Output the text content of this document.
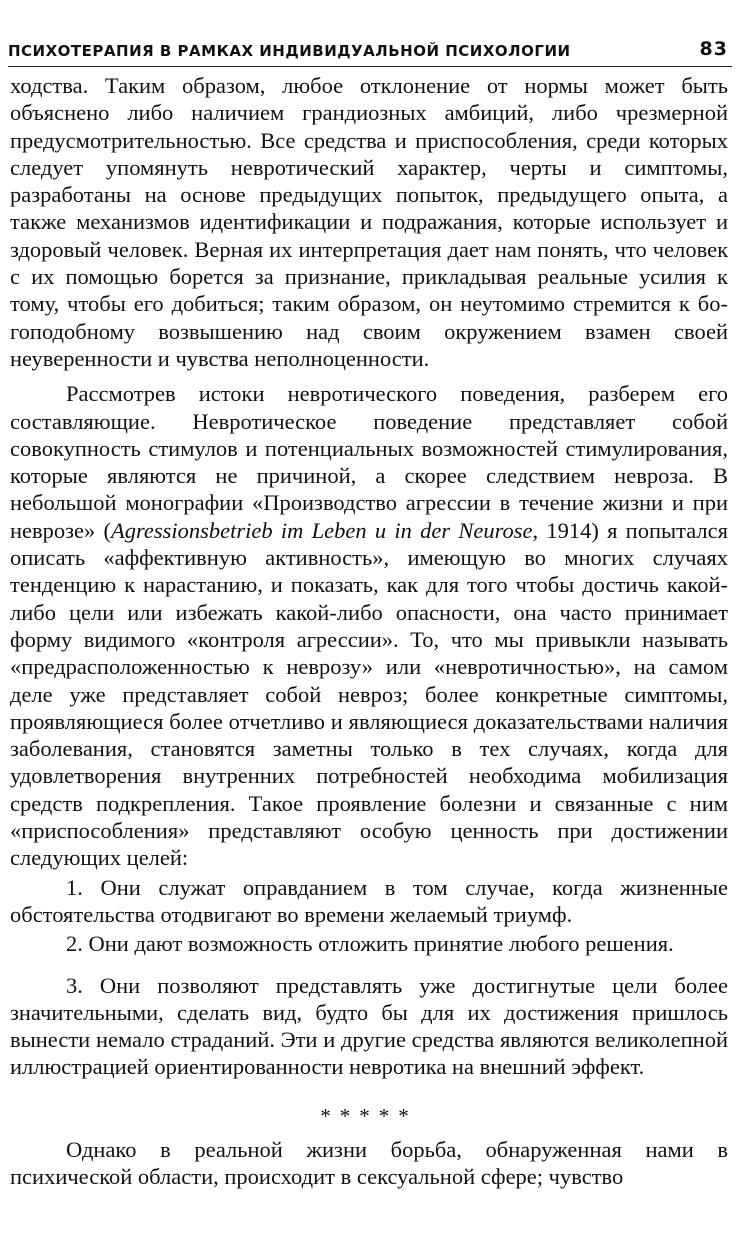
ПСИХОТЕРАПИЯ В РАМКАХ ИНДИВИДУАЛЬНОЙ ПСИХОЛОГИИ	83

ходства. Таким образом, любое отклонение от нормы может быть объяснено либо наличием грандиозных амбиций, либо чрезмерной предусмотрительностью. Все средства и приспособления, среди которых следует упомянуть невротический характер, черты и симптомы, разработаны на основе предыдущих попыток, предыдущего опыта, а также механизмов идентификации и подражания, которые использует и здоровый человек. Верная их интерпретация дает нам понять, что человек с их помощью борется за признание, прикладывая реальные усилия к тому, чтобы его добиться; таким образом, он неутомимо стремится к богоподобному возвышению над своим окружением взамен своей неуверенности и чувства неполноценности.

Рассмотрев истоки невротического поведения, разберем его составляющие. Невротическое поведение представляет собой совокупность стимулов и потенциальных возможностей стимулирования, которые являются не причиной, а скорее следствием невроза. В небольшой монографии «Производство агрессии в течение жизни и при неврозе» (Agressionsbetrieb im Leben u in der Neurose, 1914) я попытался описать «аффективную активность», имеющую во многих случаях тенденцию к нарастанию, и показать, как для того чтобы достичь какой-либо цели или избежать какой-либо опасности, она часто принимает форму видимого «контроля агрессии». То, что мы привыкли называть «предрасположенностью к неврозу» или «невротичностью», на самом деле уже представляет собой невроз; более конкретные симптомы, проявляющиеся более отчетливо и являющиеся доказательствами наличия заболевания, становятся заметны только в тех случаях, когда для удовлетворения внутренних потребностей необходима мобилизация средств подкрепления. Такое проявление болезни и связанные с ним «приспособления» представляют особую ценность при достижении следующих целей:

1. Они служат оправданием в том случае, когда жизненные обстоятельства отодвигают во времени желаемый триумф.

2. Они дают возможность отложить принятие любого решения.

3. Они позволяют представлять уже достигнутые цели более значительными, сделать вид, будто бы для их достижения пришлось вынести немало страданий. Эти и другие средства являются великолепной иллюстрацией ориентированности невротика на внешний эффект.

*****

Однако в реальной жизни борьба, обнаруженная нами в психической области, происходит в сексуальной сфере; чувство
